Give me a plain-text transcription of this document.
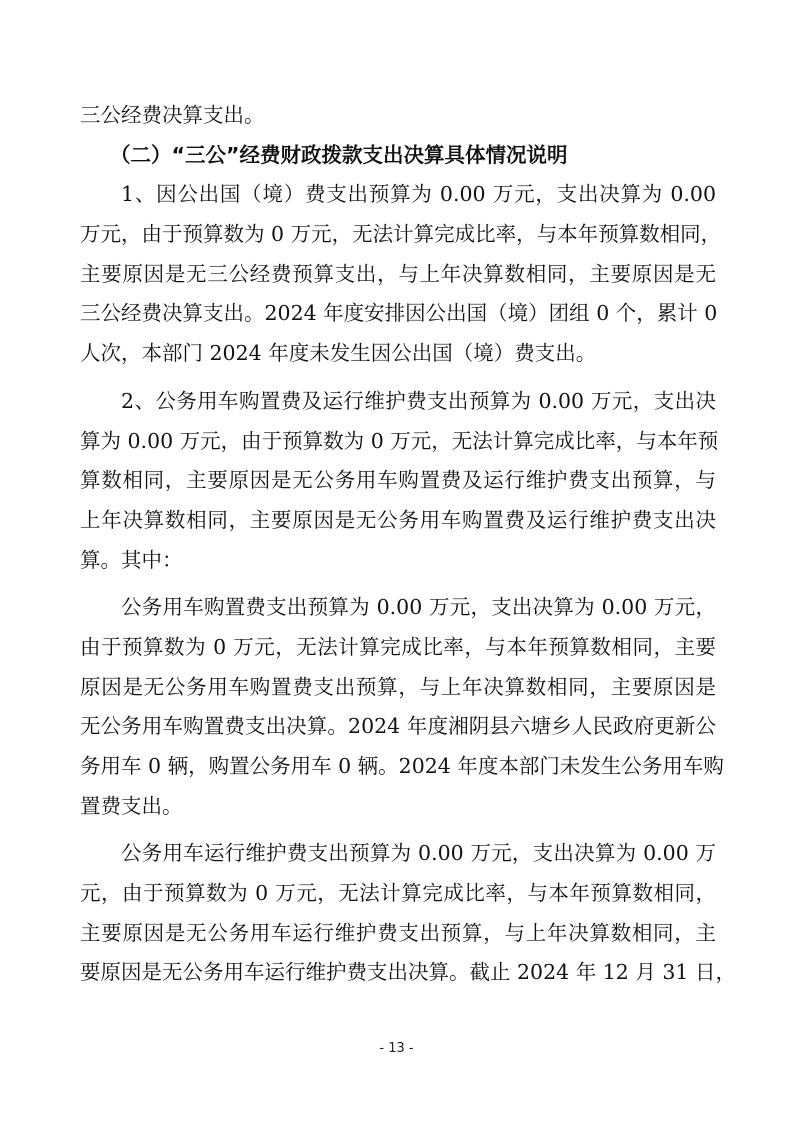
三公经费决算支出。
（二）“三公”经费财政拨款支出决算具体情况说明
1、因公出国（境）费支出预算为 0.00 万元，支出决算为 0.00
万元，由于预算数为 0 万元，无法计算完成比率，与本年预算数相同，
主要原因是无三公经费预算支出，与上年决算数相同，主要原因是无
三公经费决算支出。2024 年度安排因公出国（境）团组 0 个，累计 0
人次，本部门 2024 年度未发生因公出国（境）费支出。
2、公务用车购置费及运行维护费支出预算为 0.00 万元，支出决
算为 0.00 万元，由于预算数为 0 万元，无法计算完成比率，与本年预
算数相同，主要原因是无公务用车购置费及运行维护费支出预算，与
上年决算数相同，主要原因是无公务用车购置费及运行维护费支出决
算。其中：
公务用车购置费支出预算为 0.00 万元，支出决算为 0.00 万元，
由于预算数为 0 万元，无法计算完成比率，与本年预算数相同，主要
原因是无公务用车购置费支出预算，与上年决算数相同，主要原因是
无公务用车购置费支出决算。2024 年度湘阴县六塘乡人民政府更新公
务用车 0 辆，购置公务用车 0 辆。2024 年度本部门未发生公务用车购
置费支出。
公务用车运行维护费支出预算为 0.00 万元，支出决算为 0.00 万
元，由于预算数为 0 万元，无法计算完成比率，与本年预算数相同，
主要原因是无公务用车运行维护费支出预算，与上年决算数相同，主
要原因是无公务用车运行维护费支出决算。截止 2024 年 12 月 31 日，
- 13 -
